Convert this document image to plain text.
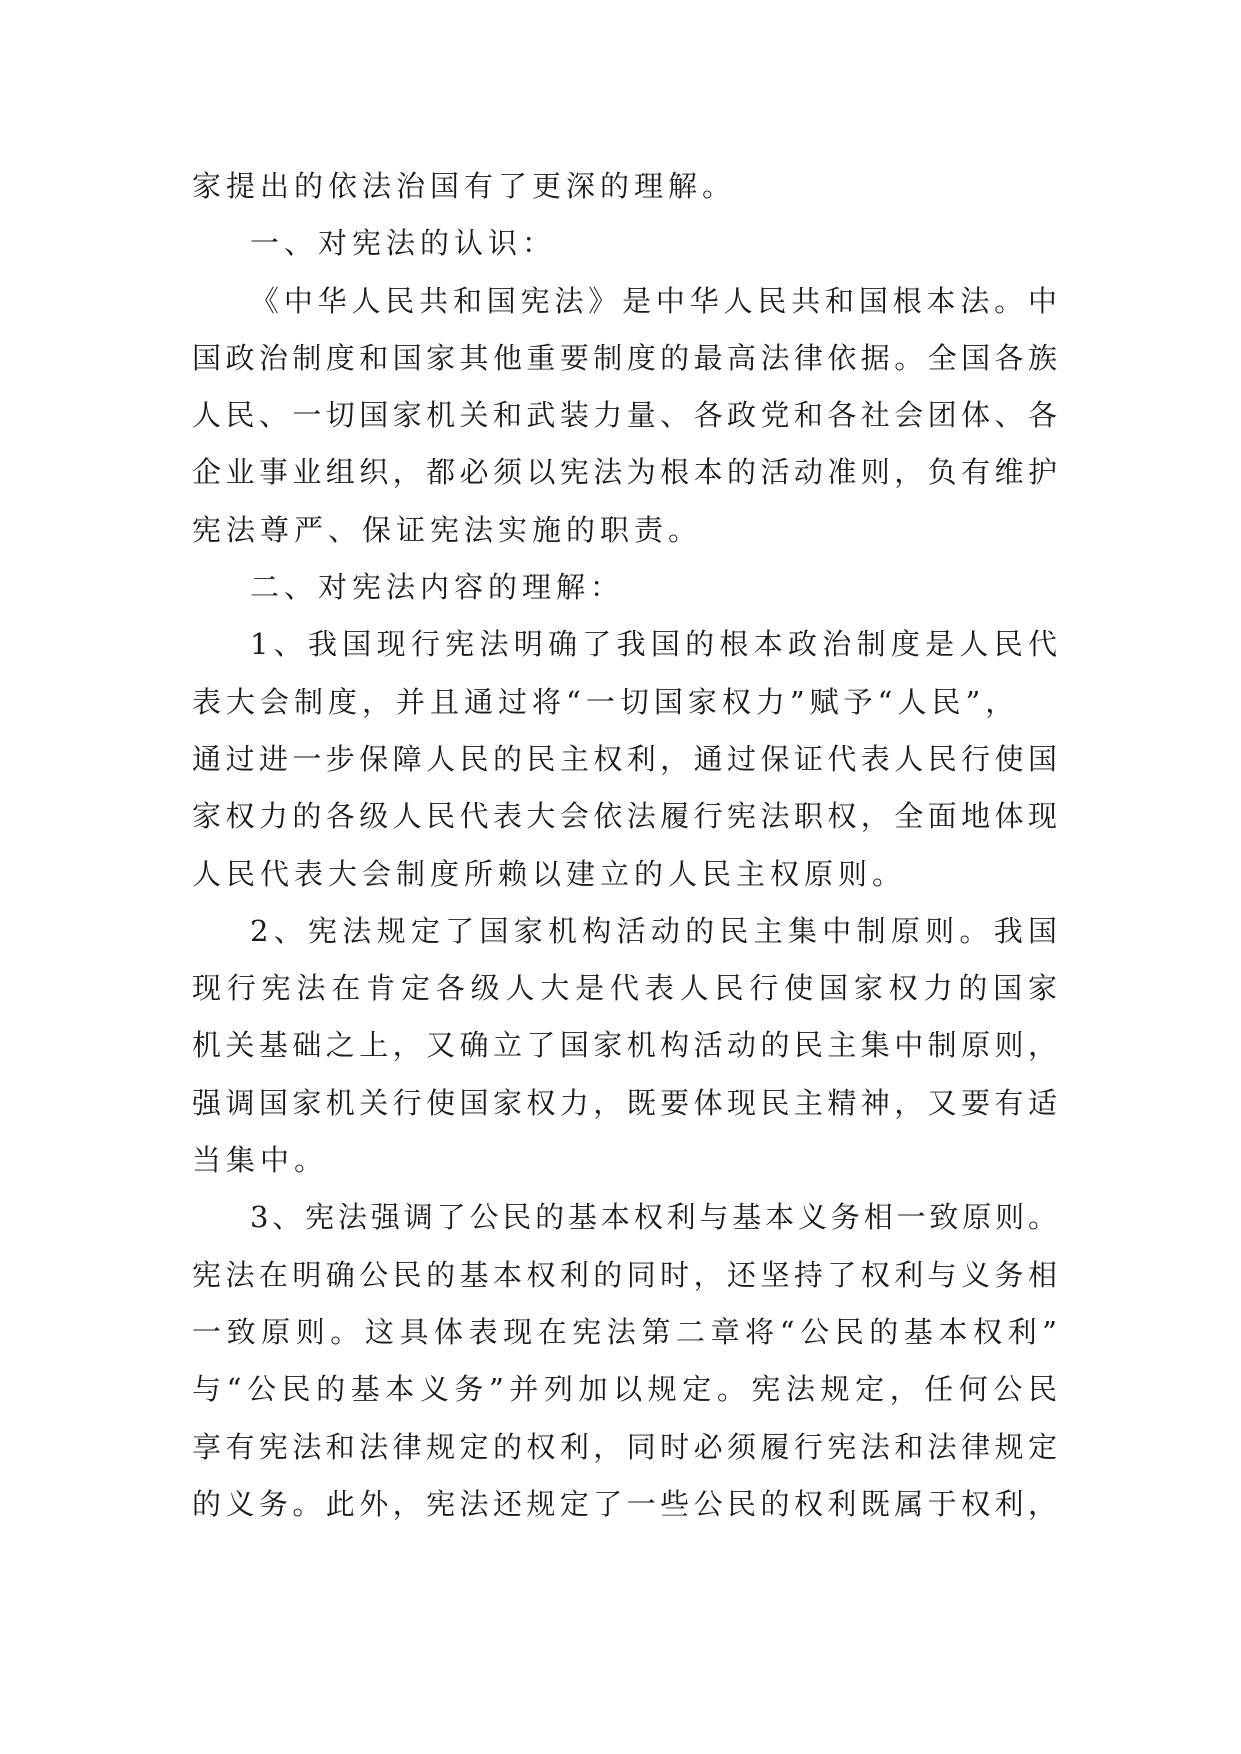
家提出的依法治国有了更深的理解。
一、对宪法的认识：
《中华人民共和国宪法》是中华人民共和国根本法。中
国政治制度和国家其他重要制度的最高法律依据。全国各族
人民、一切国家机关和武装力量、各政党和各社会团体、各
企业事业组织，都必须以宪法为根本的活动准则，负有维护
宪法尊严、保证宪法实施的职责。
二、对宪法内容的理解：
1、我国现行宪法明确了我国的根本政治制度是人民代
表大会制度，并且通过将“一切国家权力”赋予“人民”，
通过进一步保障人民的民主权利，通过保证代表人民行使国
家权力的各级人民代表大会依法履行宪法职权，全面地体现
人民代表大会制度所赖以建立的人民主权原则。
2、宪法规定了国家机构活动的民主集中制原则。我国
现行宪法在肯定各级人大是代表人民行使国家权力的国家
机关基础之上，又确立了国家机构活动的民主集中制原则，
强调国家机关行使国家权力，既要体现民主精神，又要有适
当集中。
3、宪法强调了公民的基本权利与基本义务相一致原则。
宪法在明确公民的基本权利的同时，还坚持了权利与义务相
一致原则。这具体表现在宪法第二章将“公民的基本权利”
与“公民的基本义务”并列加以规定。宪法规定，任何公民
享有宪法和法律规定的权利，同时必须履行宪法和法律规定
的义务。此外，宪法还规定了一些公民的权利既属于权利，
